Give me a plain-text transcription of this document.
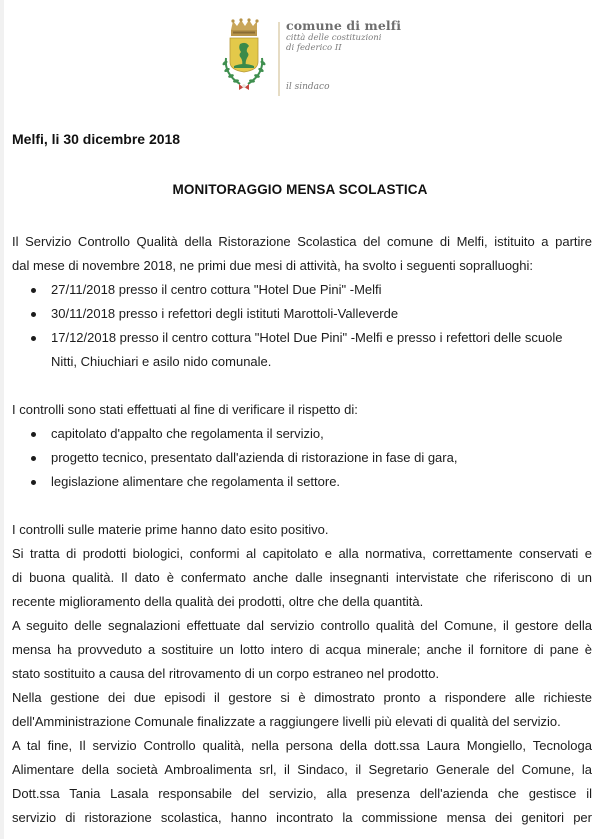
comune di melfi
città delle costituzioni
di federico II
il sindaco
Melfi, li 30 dicembre 2018
MONITORAGGIO MENSA SCOLASTICA

Il Servizio Controllo Qualità della Ristorazione Scolastica del comune di Melfi, istituito a partire

dal mese di novembre 2018, ne primi due mesi di attività, ha svolto i seguenti sopralluoghi:

27/11/2018 presso il centro cottura "Hotel Due Pini" -Melfi
30/11/2018 presso i refettori degli istituti Marottoli-Valleverde
17/12/2018 presso il centro cottura "Hotel Due Pini" -Melfi e presso i refettori delle scuole
Nitti, Chiuchiari e asilo nido comunale.

I controlli sono stati effettuati al fine di verificare il rispetto di:

capitolato d'appalto che regolamenta il servizio,
progetto tecnico, presentato dall'azienda di ristorazione in fase di gara,
legislazione alimentare che regolamenta il settore.

I controlli sulle materie prime hanno dato esito positivo.

Si tratta di prodotti biologici, conformi al capitolato e alla normativa, correttamente conservati e

di buona qualità. Il dato è confermato anche dalle insegnanti intervistate che riferiscono di un

recente miglioramento della qualità dei prodotti, oltre che della quantità.

A seguito delle segnalazioni effettuate dal servizio controllo qualità del Comune, il gestore della

mensa ha provveduto a sostituire un lotto intero di acqua minerale; anche il fornitore di pane è

stato sostituito a causa del ritrovamento di un corpo estraneo nel prodotto.

Nella gestione dei due episodi il gestore si è dimostrato pronto a rispondere alle richieste

dell'Amministrazione Comunale finalizzate a raggiungere livelli più elevati di qualità del servizio.

A tal fine, Il servizio Controllo qualità, nella persona della dott.ssa Laura Mongiello, Tecnologa

Alimentare della società Ambroalimenta srl, il Sindaco, il Segretario Generale del Comune, la

Dott.ssa Tania Lasala responsabile del servizio, alla presenza dell'azienda che gestisce il

servizio di ristorazione scolastica, hanno incontrato la commissione mensa dei genitori per
